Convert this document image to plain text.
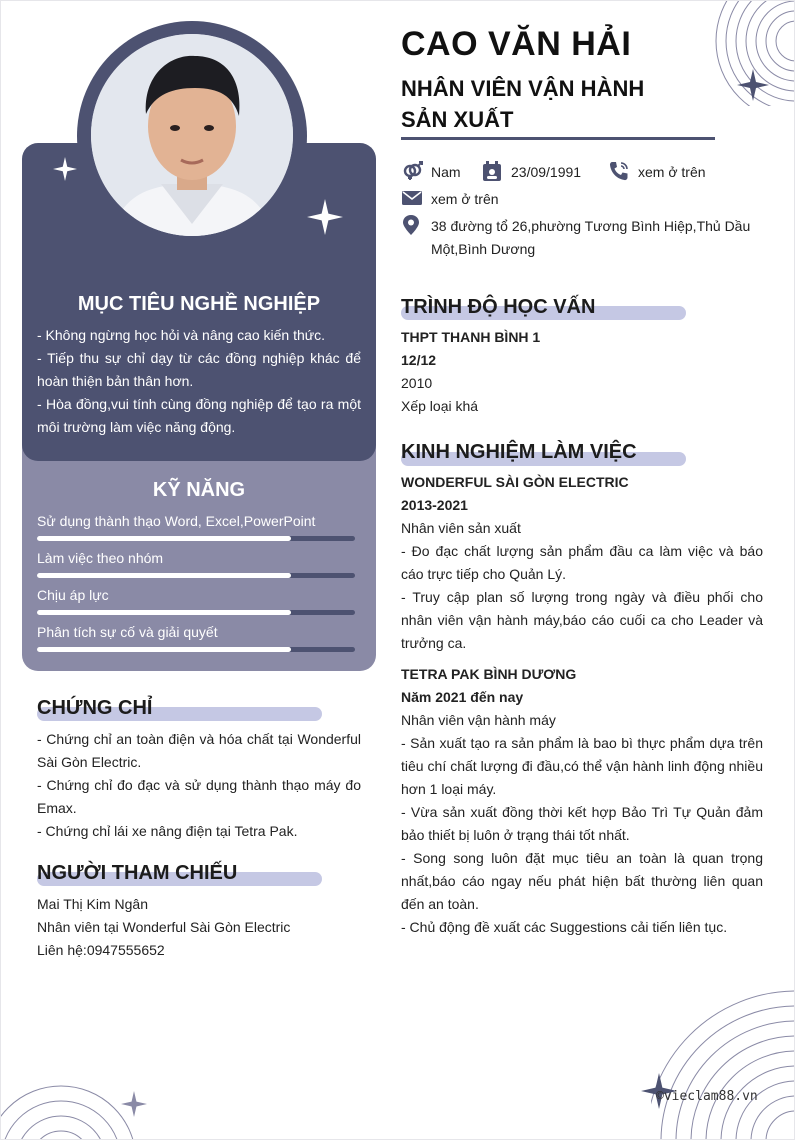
MỤC TIÊU NGHỀ NGHIỆP

- Không ngừng học hỏi và nâng cao kiến thức.

- Tiếp thu sự chỉ dạy từ các đồng nghiệp khác để hoàn thiện bản thân hơn.

- Hòa đồng,vui tính cùng đồng nghiệp để tạo ra một môi trường làm việc năng động.

KỸ NĂNG
Sử dụng thành thạo Word, Excel,PowerPoint
Làm việc theo nhóm
Chịu áp lực
Phân tích sự cố và giải quyết
CHỨNG CHỈ

- Chứng chỉ an toàn điện và hóa chất tại Wonderful Sài Gòn Electric.

- Chứng chỉ đo đạc và sử dụng thành thạo máy đo Emax.

- Chứng chỉ lái xe nâng điện tại Tetra Pak.

NGƯỜI THAM CHIẾU

Mai Thị Kim Ngân

Nhân viên tại Wonderful Sài Gòn Electric

Liên hệ:0947555652

CAO VĂN HẢI
NHÂN VIÊN VẬN HÀNH
SẢN XUẤT
Nam	23/09/1991	xem ở trên
xem ở trên
38 đường tổ 26,phường Tương Bình Hiệp,Thủ Dầu Một,Bình Dương
TRÌNH ĐỘ HỌC VẤN

THPT THANH BÌNH 1

12/12

2010

Xếp loại khá

KINH NGHIỆM LÀM VIỆC

WONDERFUL SÀI GÒN ELECTRIC

2013-2021

Nhân viên sản xuất

- Đo đạc chất lượng sản phẩm đầu ca làm việc và báo cáo trực tiếp cho Quản Lý.

- Truy cập plan số lượng trong ngày và điều phối cho nhân viên vận hành máy,báo cáo cuối ca cho Leader và trưởng ca.

TETRA PAK BÌNH DƯƠNG

Năm 2021 đến nay

Nhân viên vận hành máy

- Sản xuất tạo ra sản phẩm là bao bì thực phẩm dựa trên tiêu chí chất lượng đi đầu,có thể vận hành linh động nhiều hơn 1 loại máy.

- Vừa sản xuất đồng thời kết hợp Bảo Trì Tự Quản đảm bảo thiết bị luôn ở trạng thái tốt nhất.

- Song song luôn đặt mục tiêu an toàn là quan trọng nhất,báo cáo ngay nếu phát hiện bất thường liên quan đến an toàn.

- Chủ động đề xuất các Suggestions cải tiến liên tục.

©vieclam88.vn
